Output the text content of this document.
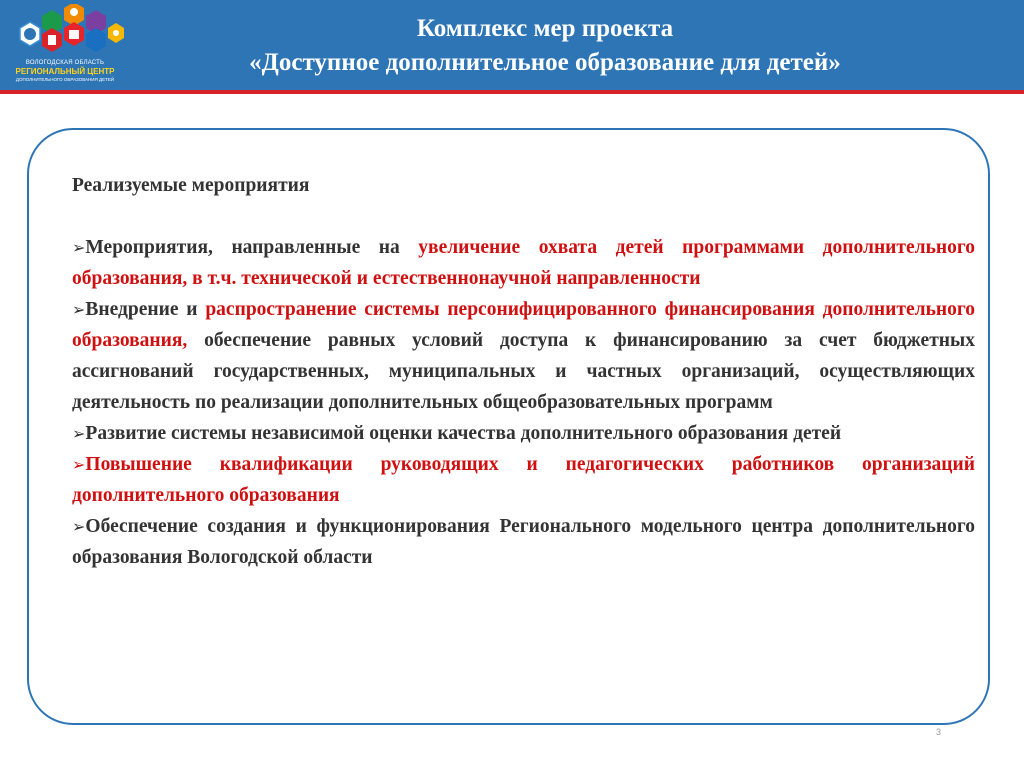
ВОЛОГОДСКАЯ ОБЛАСТЬ
РЕГИОНАЛЬНЫЙ ЦЕНТР
ДОПОЛНИТЕЛЬНОГО ОБРАЗОВАНИЯ ДЕТЕЙ
Комплекс мер проекта
«Доступное дополнительное образование для детей»

Реализуемые мероприятия

➢Мероприятия, направленные на увеличение охвата детей программами дополнительного образования, в т.ч. технической и естественнонаучной направленности

➢Внедрение и распространение системы персонифицированного финансирования дополнительного образования, обеспечение равных условий доступа к финансированию за счет бюджетных ассигнований государственных, муниципальных и частных организаций, осуществляющих деятельность по реализации дополнительных общеобразовательных программ

➢Развитие системы независимой оценки качества дополнительного образования детей

➢Повышение квалификации руководящих и педагогических работников организаций дополнительного образования

➢Обеспечение создания и функционирования Регионального модельного центра дополнительного образования Вологодской области

3
